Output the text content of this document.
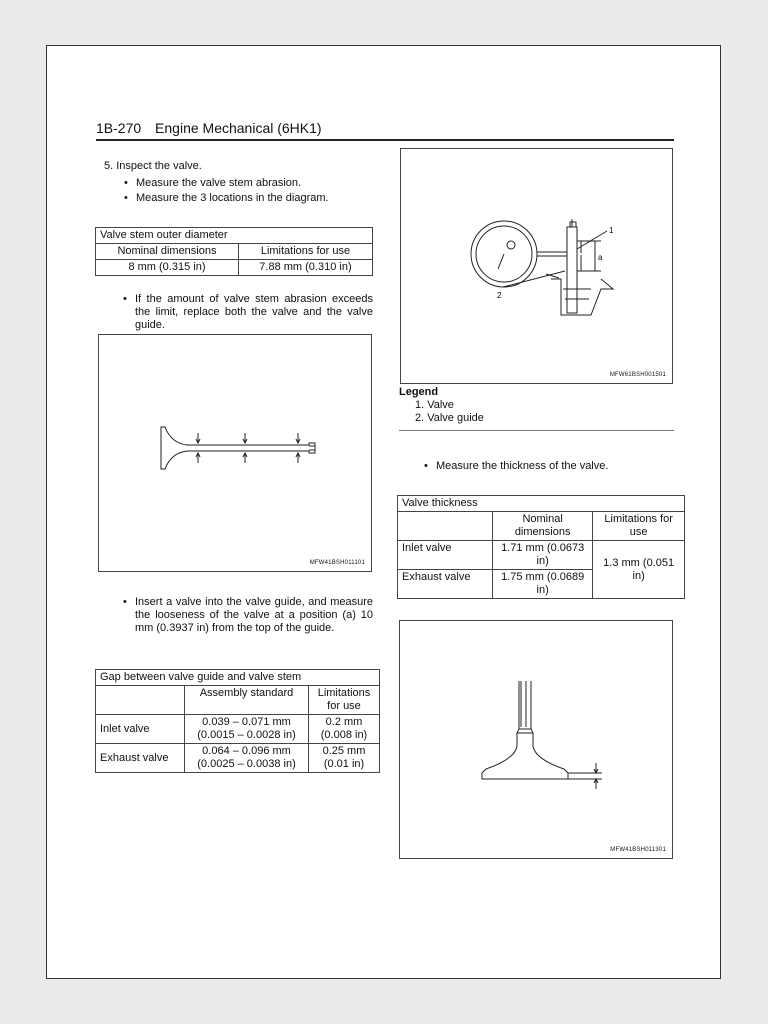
1B-270 Engine Mechanical (6HK1)
5. Inspect the valve.
• Measure the valve stem abrasion.
• Measure the 3 locations in the diagram.
Valve stem outer diameter	
Nominal dimensions	Limitations for use
8 mm (0.315 in)	7.88 mm (0.310 in)
• If the amount of valve stem abrasion exceeds the limit, replace both the valve and the valve guide.
MFW41BSH011101
• Insert a valve into the valve guide, and measure the looseness of the valve at a position (a) 10 mm (0.3937 in) from the top of the guide.
Gap between valve guide and valve stem		
	Assembly standard	Limitations for use
Inlet valve	0.039 – 0.071 mm (0.0015 – 0.0028 in)	0.2 mm (0.008 in)
Exhaust valve	0.064 – 0.096 mm (0.0025 – 0.0038 in)	0.25 mm (0.01 in)
1
a
2
MFW61BSH001501
Legend
1. Valve
2. Valve guide
• Measure the thickness of the valve.
Valve thickness		
	Nominal dimensions	Limitations for use
Inlet valve	1.71 mm (0.0673 in)	1.3 mm (0.051 in)
Exhaust valve	1.75 mm (0.0689 in)	
MFW41BSH011301
